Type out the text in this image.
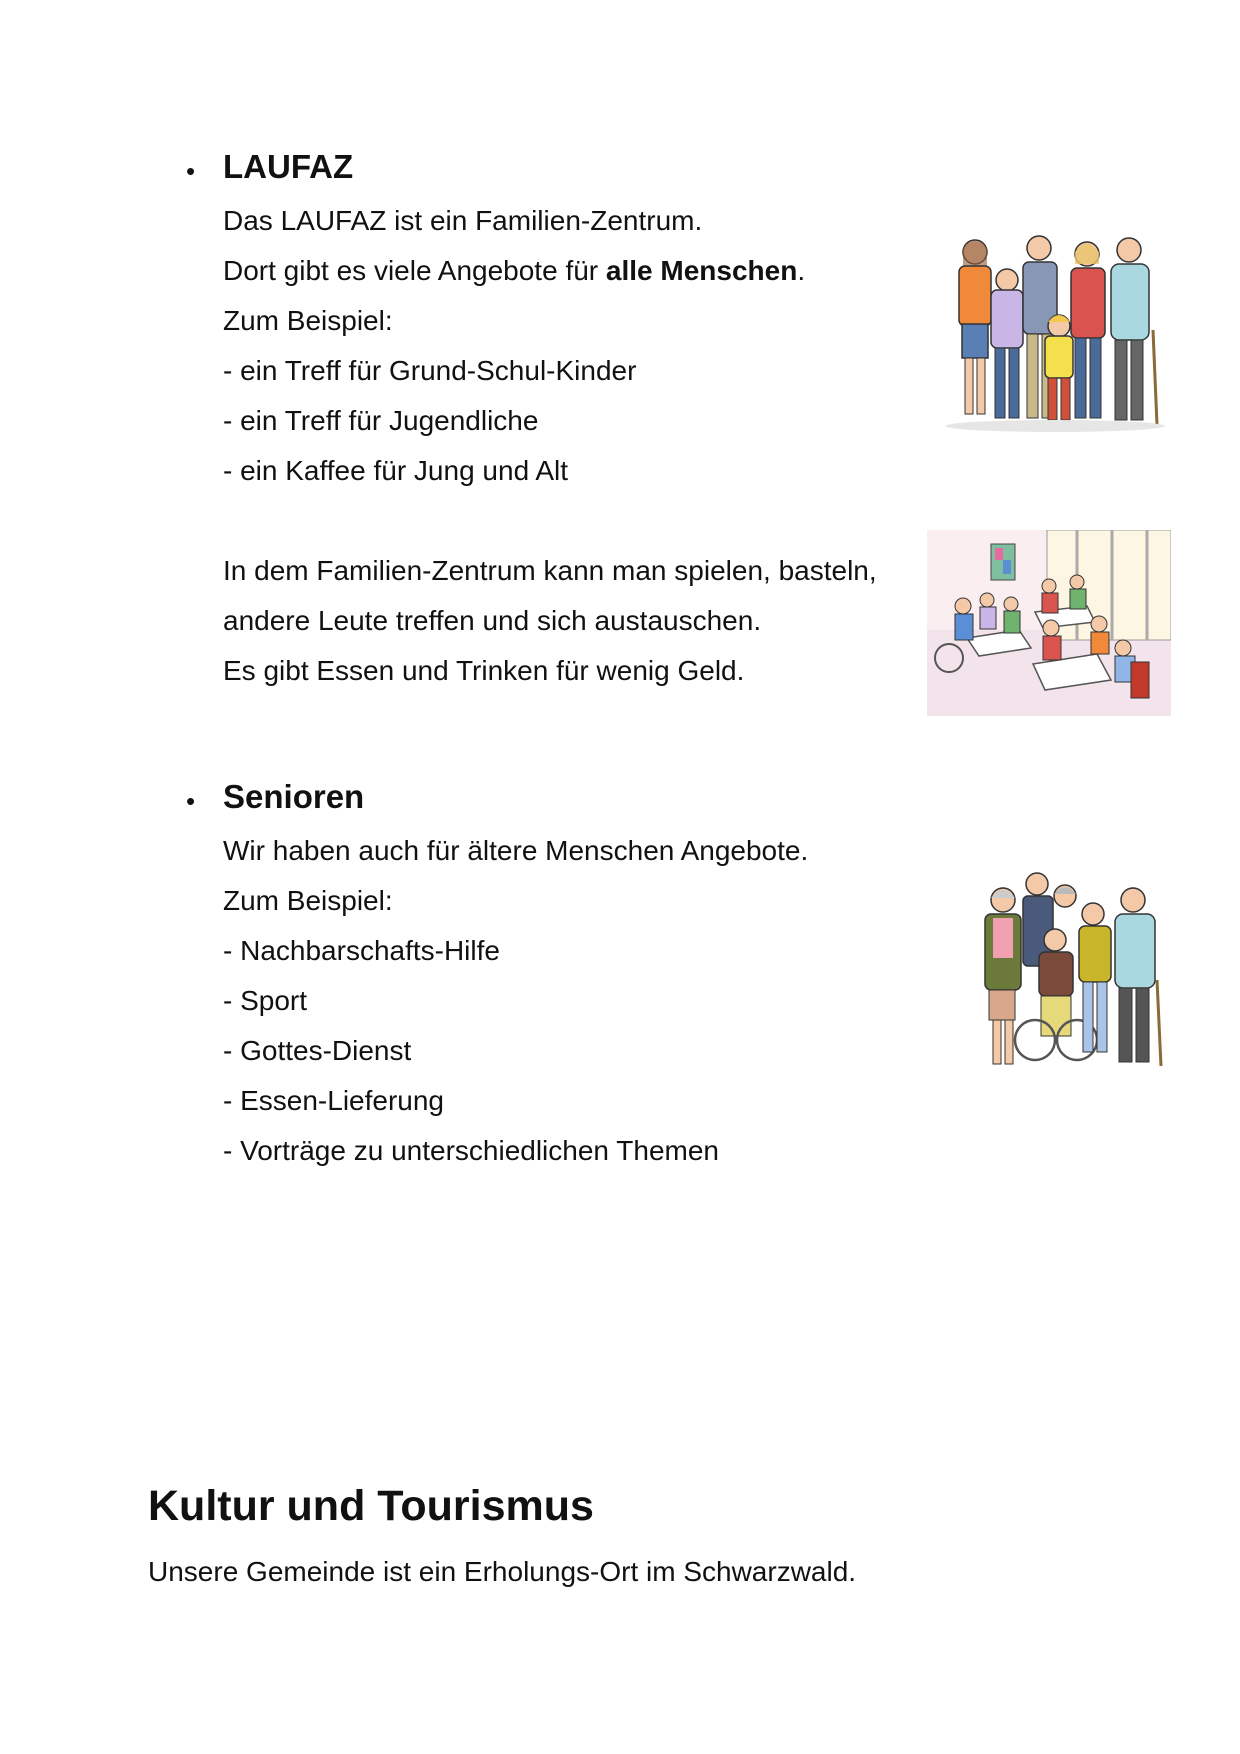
• LAUFAZ
Das LAUFAZ ist ein Familien-Zentrum.
Dort gibt es viele Angebote für alle Menschen.
Zum Beispiel:
- ein Treff für Grund-Schul-Kinder
- ein Treff für Jugendliche
- ein Kaffee für Jung und Alt
In dem Familien-Zentrum kann man spielen, basteln,
andere Leute treffen und sich austauschen.
Es gibt Essen und Trinken für wenig Geld.
• Senioren
Wir haben auch für ältere Menschen Angebote.
Zum Beispiel:
- Nachbarschafts-Hilfe
- Sport
- Gottes-Dienst
- Essen-Lieferung
- Vorträge zu unterschiedlichen Themen
Kultur und Tourismus
Unsere Gemeinde ist ein Erholungs-Ort im Schwarzwald.
